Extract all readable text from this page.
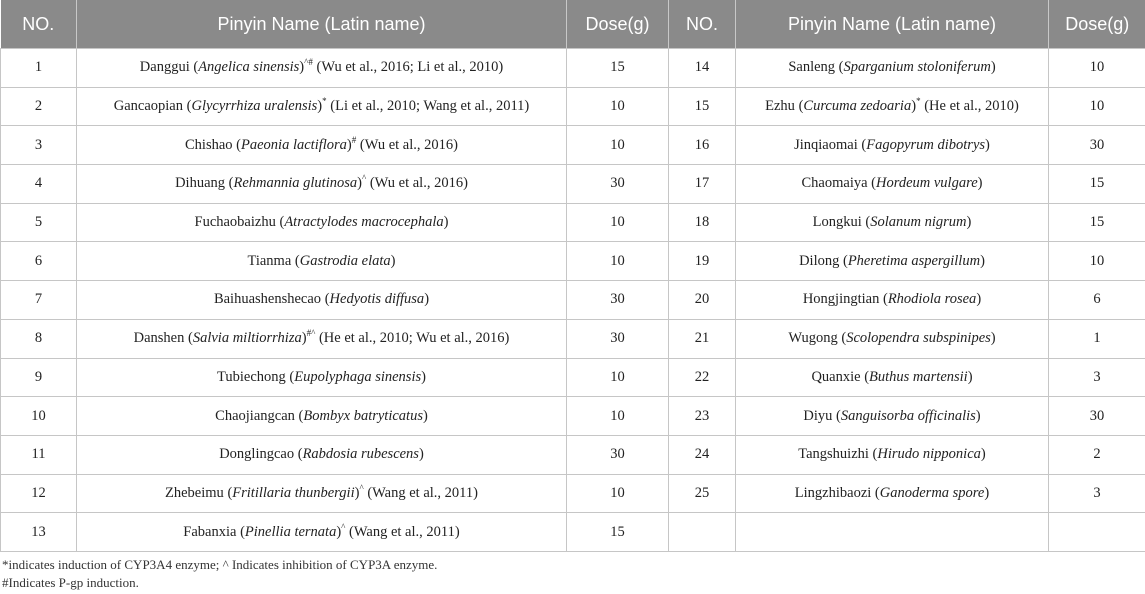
NO.	Pinyin Name (Latin name)	Dose(g)	NO.	Pinyin Name (Latin name)	Dose(g)
1	Danggui (Angelica sinensis)^# (Wu et al., 2016; Li et al., 2010)	15	14	Sanleng (Sparganium stoloniferum)	10
2	Gancaopian (Glycyrrhiza uralensis)* (Li et al., 2010; Wang et al., 2011)	10	15	Ezhu (Curcuma zedoaria)* (He et al., 2010)	10
3	Chishao (Paeonia lactiflora)# (Wu et al., 2016)	10	16	Jinqiaomai (Fagopyrum dibotrys)	30
4	Dihuang (Rehmannia glutinosa)^ (Wu et al., 2016)	30	17	Chaomaiya (Hordeum vulgare)	15
5	Fuchaobaizhu (Atractylodes macrocephala)	10	18	Longkui (Solanum nigrum)	15
6	Tianma (Gastrodia elata)	10	19	Dilong (Pheretima aspergillum)	10
7	Baihuashenshecao (Hedyotis diffusa)	30	20	Hongjingtian (Rhodiola rosea)	6
8	Danshen (Salvia miltiorrhiza)#^ (He et al., 2010; Wu et al., 2016)	30	21	Wugong (Scolopendra subspinipes)	1
9	Tubiechong (Eupolyphaga sinensis)	10	22	Quanxie (Buthus martensii)	3
10	Chaojiangcan (Bombyx batryticatus)	10	23	Diyu (Sanguisorba officinalis)	30
11	Donglingcao (Rabdosia rubescens)	30	24	Tangshuizhi (Hirudo nipponica)	2
12	Zhebeimu (Fritillaria thunbergii)^ (Wang et al., 2011)	10	25	Lingzhibaozi (Ganoderma spore)	3
13	Fabanxia (Pinellia ternata)^ (Wang et al., 2011)	15			
*indicates induction of CYP3A4 enzyme; ^ Indicates inhibition of CYP3A enzyme.
#Indicates P-gp induction.
